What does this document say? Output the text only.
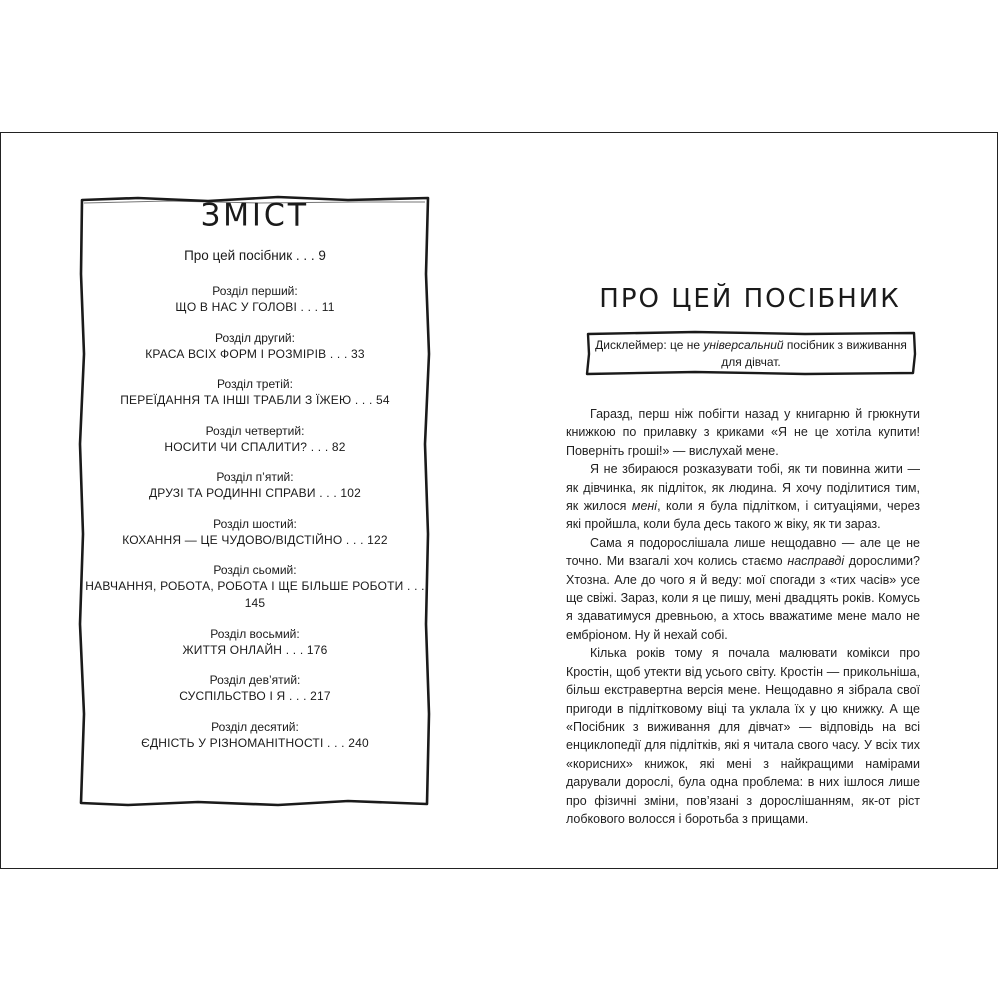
ЗМІСТ
Про цей посібник . . . 9
Розділ перший:
ЩО В НАС У ГОЛОВІ . . . 11
Розділ другий:
КРАСА ВСІХ ФОРМ І РОЗМІРІВ . . . 33
Розділ третій:
ПЕРЕЇДАННЯ ТА ІНШІ ТРАБЛИ З ЇЖЕЮ . . . 54
Розділ четвертий:
НОСИТИ ЧИ СПАЛИТИ? . . . 82
Розділ п’ятий:
ДРУЗІ ТА РОДИННІ СПРАВИ . . . 102
Розділ шостий:
КОХАННЯ — ЦЕ ЧУДОВО/ВІДСТІЙНО . . . 122
Розділ сьомий:
НАВЧАННЯ, РОБОТА, РОБОТА І ЩЕ БІЛЬШЕ РОБОТИ . . . 145
Розділ восьмий:
ЖИТТЯ ОНЛАЙН . . . 176
Розділ дев’ятий:
СУСПІЛЬСТВО І Я . . . 217
Розділ десятий:
ЄДНІСТЬ У РІЗНОМАНІТНОСТІ . . . 240
ПРО ЦЕЙ ПОСІБНИК
Дисклеймер: це не універсальний посібник з виживання для дівчат.

Гаразд, перш ніж побігти назад у книгарню й грюкнути книжкою по прилавку з криками «Я не це хотіла купити! Поверніть гроші!» — вислухай мене.

Я не збираюся розказувати тобі, як ти повинна жити — як дівчинка, як підліток, як людина. Я хочу поділитися тим, як жилося мені, коли я була підлітком, і ситуаціями, через які пройшла, коли була десь такого ж віку, як ти зараз.

Сама я подорослішала лише нещодавно — але це не точно. Ми взагалі хоч колись стаємо насправді дорослими? Хтозна. Але до чого я й веду: мої спогади з «тих часів» усе ще свіжі. Зараз, коли я це пишу, мені двадцять років. Комусь я здаватимуся древньою, а хтось вважатиме мене мало не ембріоном. Ну й нехай собі.

Кілька років тому я почала малювати комікси про Кростін, щоб утекти від усього світу. Кростін — прикольніша, більш екстравертна версія мене. Нещодавно я зібрала свої пригоди в підлітковому віці та уклала їх у цю книжку. А ще «Посібник з виживання для дівчат» — відповідь на всі енциклопедії для підлітків, які я читала свого часу. У всіх тих «корисних» книжок, які мені з найкращими намірами дарували дорослі, була одна проблема: в них ішлося лише про фізичні зміни, пов’язані з дорослішанням, як-от ріст лобкового волосся і боротьба з прищами.
